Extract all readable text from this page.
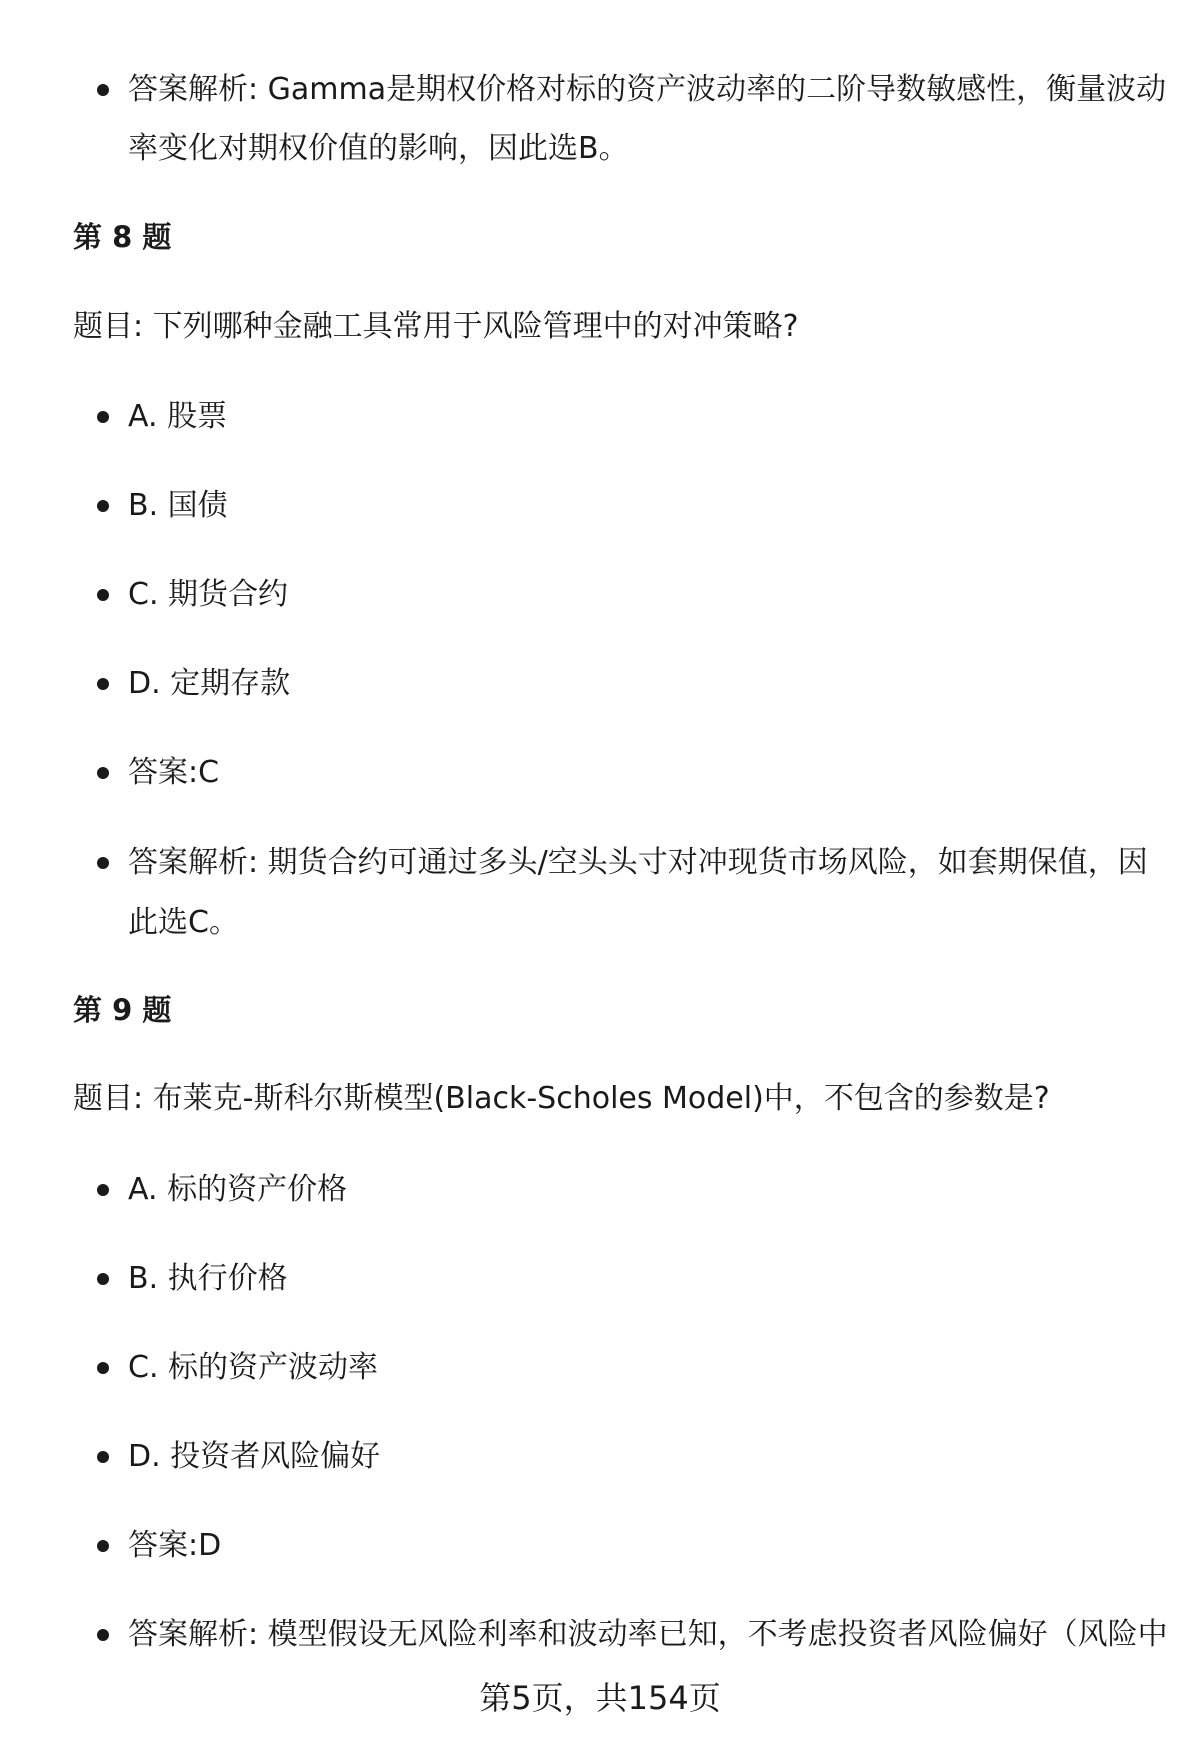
答案解析: Gamma是期权价格对标的资产波动率的二阶导数敏感性，衡量波动
率变化对期权价值的影响，因此选B。
第 8 题
题目: 下列哪种金融工具常用于风险管理中的对冲策略?
A. 股票
B. 国债
C. 期货合约
D. 定期存款
答案:C
答案解析: 期货合约可通过多头/空头头寸对冲现货市场风险，如套期保值，因
此选C。
第 9 题
题目: 布莱克-斯科尔斯模型(Black-Scholes Model)中，不包含的参数是?
A. 标的资产价格
B. 执行价格
C. 标的资产波动率
D. 投资者风险偏好
答案:D
答案解析: 模型假设无风险利率和波动率已知，不考虑投资者风险偏好（风险中
第5页，共154页
